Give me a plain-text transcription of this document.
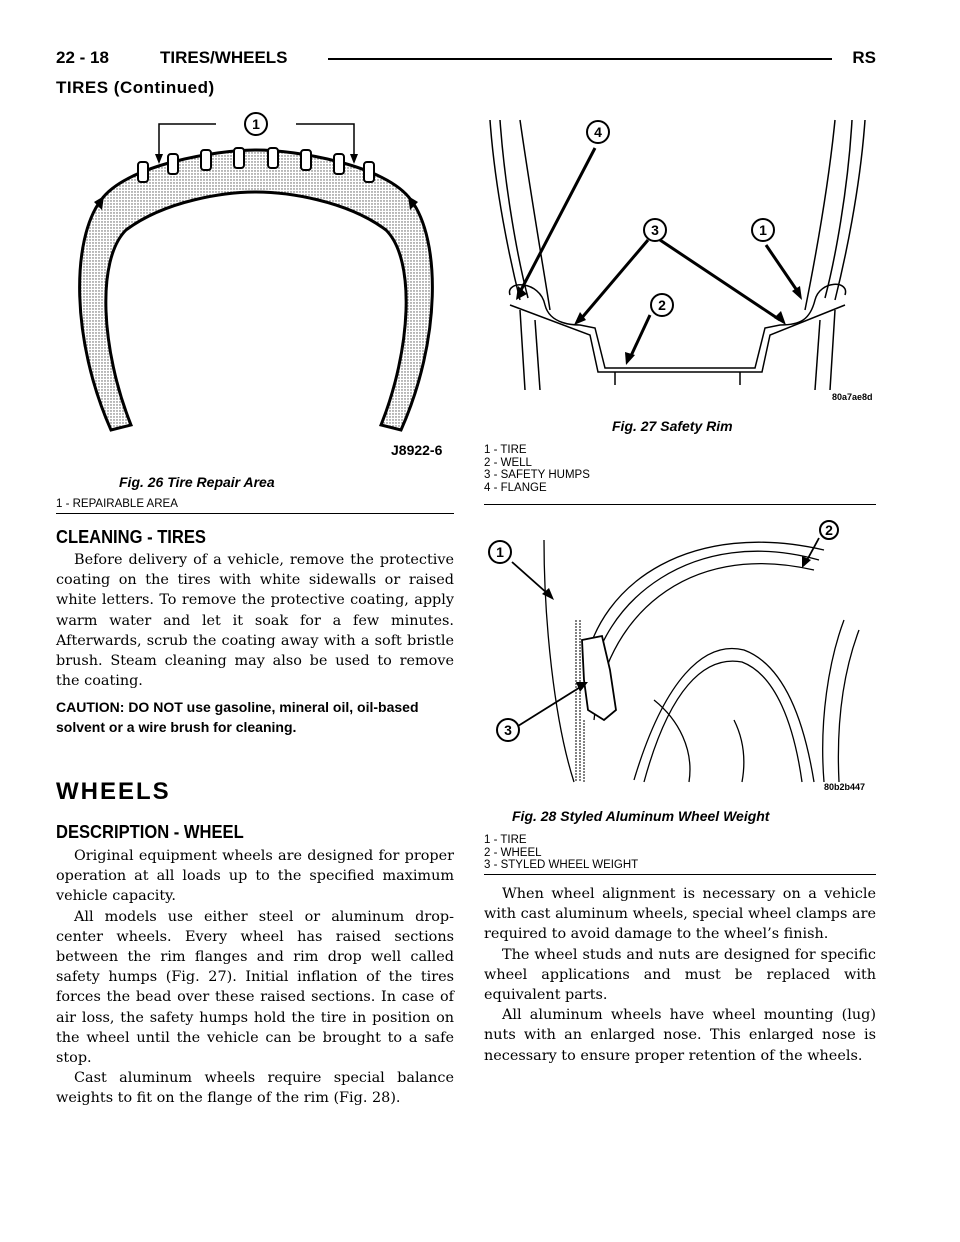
22 - 18	TIRES/WHEELS	RS
TIRES (Continued)
1
J8922-6
Fig. 26 Tire Repair Area
1 - REPAIRABLE AREA
4
3
2
1
80a7ae8d
Fig. 27 Safety Rim
1 - TIRE
2 - WELL
3 - SAFETY HUMPS
4 - FLANGE
1
2
3
80b2b447
Fig. 28 Styled Aluminum Wheel Weight
1 - TIRE
2 - WHEEL
3 - STYLED WHEEL WEIGHT
CLEANING - TIRES

Before delivery of a vehicle, remove the protective coating on the tires with white sidewalls or raised white letters. To remove the protective coating, apply warm water and let it soak for a few minutes. Afterwards, scrub the coating away with a soft bristle brush. Steam cleaning may also be used to remove the coating.

CAUTION: DO NOT use gasoline, mineral oil, oil-based solvent or a wire brush for cleaning.
WHEELS
DESCRIPTION - WHEEL

Original equipment wheels are designed for proper operation at all loads up to the specified maximum vehicle capacity.

All models use either steel or aluminum drop-center wheels. Every wheel has raised sections between the rim flanges and rim drop well called safety humps (Fig. 27). Initial inflation of the tires forces the bead over these raised sections. In case of air loss, the safety humps hold the tire in position on the wheel until the vehicle can be brought to a safe stop.

Cast aluminum wheels require special balance weights to fit on the flange of the rim (Fig. 28).

When wheel alignment is necessary on a vehicle with cast aluminum wheels, special wheel clamps are required to avoid damage to the wheel’s finish.

The wheel studs and nuts are designed for specific wheel applications and must be replaced with equivalent parts.

All aluminum wheels have wheel mounting (lug) nuts with an enlarged nose. This enlarged nose is necessary to ensure proper retention of the wheels.
